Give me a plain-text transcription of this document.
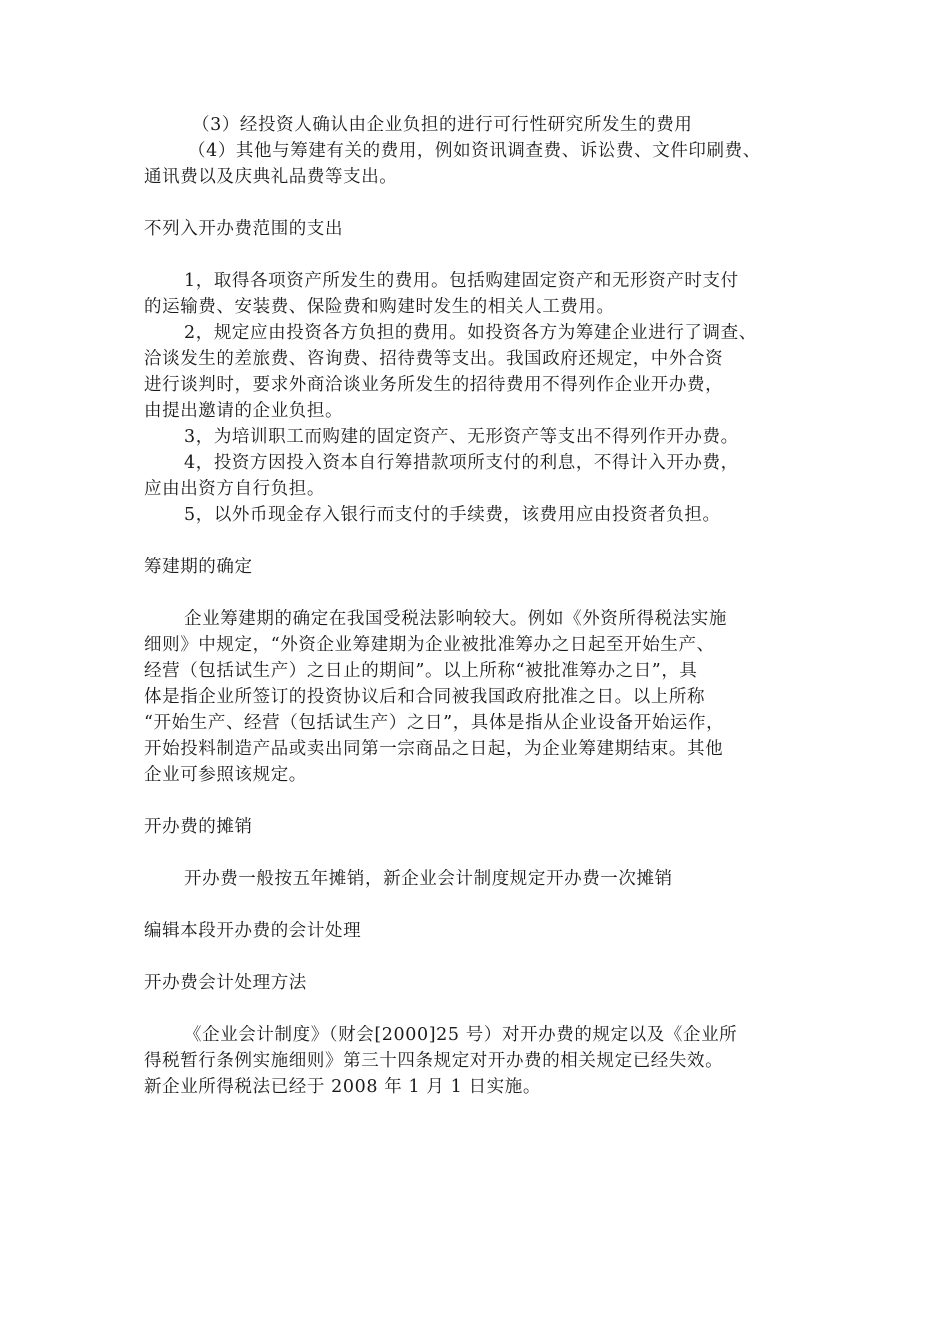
（3）经投资人确认由企业负担的进行可行性研究所发生的费用
（4）其他与筹建有关的费用，例如资讯调查费、诉讼费、文件印刷费、
通讯费以及庆典礼品费等支出。
不列入开办费范围的支出
1，取得各项资产所发生的费用。包括购建固定资产和无形资产时支付
的运输费、安装费、保险费和购建时发生的相关人工费用。
2，规定应由投资各方负担的费用。如投资各方为筹建企业进行了调查、
洽谈发生的差旅费、咨询费、招待费等支出。我国政府还规定，中外合资
进行谈判时，要求外商洽谈业务所发生的招待费用不得列作企业开办费，
由提出邀请的企业负担。
3，为培训职工而购建的固定资产、无形资产等支出不得列作开办费。
4，投资方因投入资本自行筹措款项所支付的利息，不得计入开办费，
应由出资方自行负担。
5，以外币现金存入银行而支付的手续费，该费用应由投资者负担。
筹建期的确定
企业筹建期的确定在我国受税法影响较大。例如《外资所得税法实施
细则》中规定，“外资企业筹建期为企业被批准筹办之日起至开始生产、
经营（包括试生产）之日止的期间”。以上所称“被批准筹办之日”，具
体是指企业所签订的投资协议后和合同被我国政府批准之日。以上所称
“开始生产、经营（包括试生产）之日”，具体是指从企业设备开始运作，
开始投料制造产品或卖出同第一宗商品之日起，为企业筹建期结束。其他
企业可参照该规定。
开办费的摊销
开办费一般按五年摊销，新企业会计制度规定开办费一次摊销
编辑本段开办费的会计处理
开办费会计处理方法
《企业会计制度》（财会[2000]25 号）对开办费的规定以及《企业所
得税暂行条例实施细则》第三十四条规定对开办费的相关规定已经失效。
新企业所得税法已经于 2008 年 1 月 1 日实施。
